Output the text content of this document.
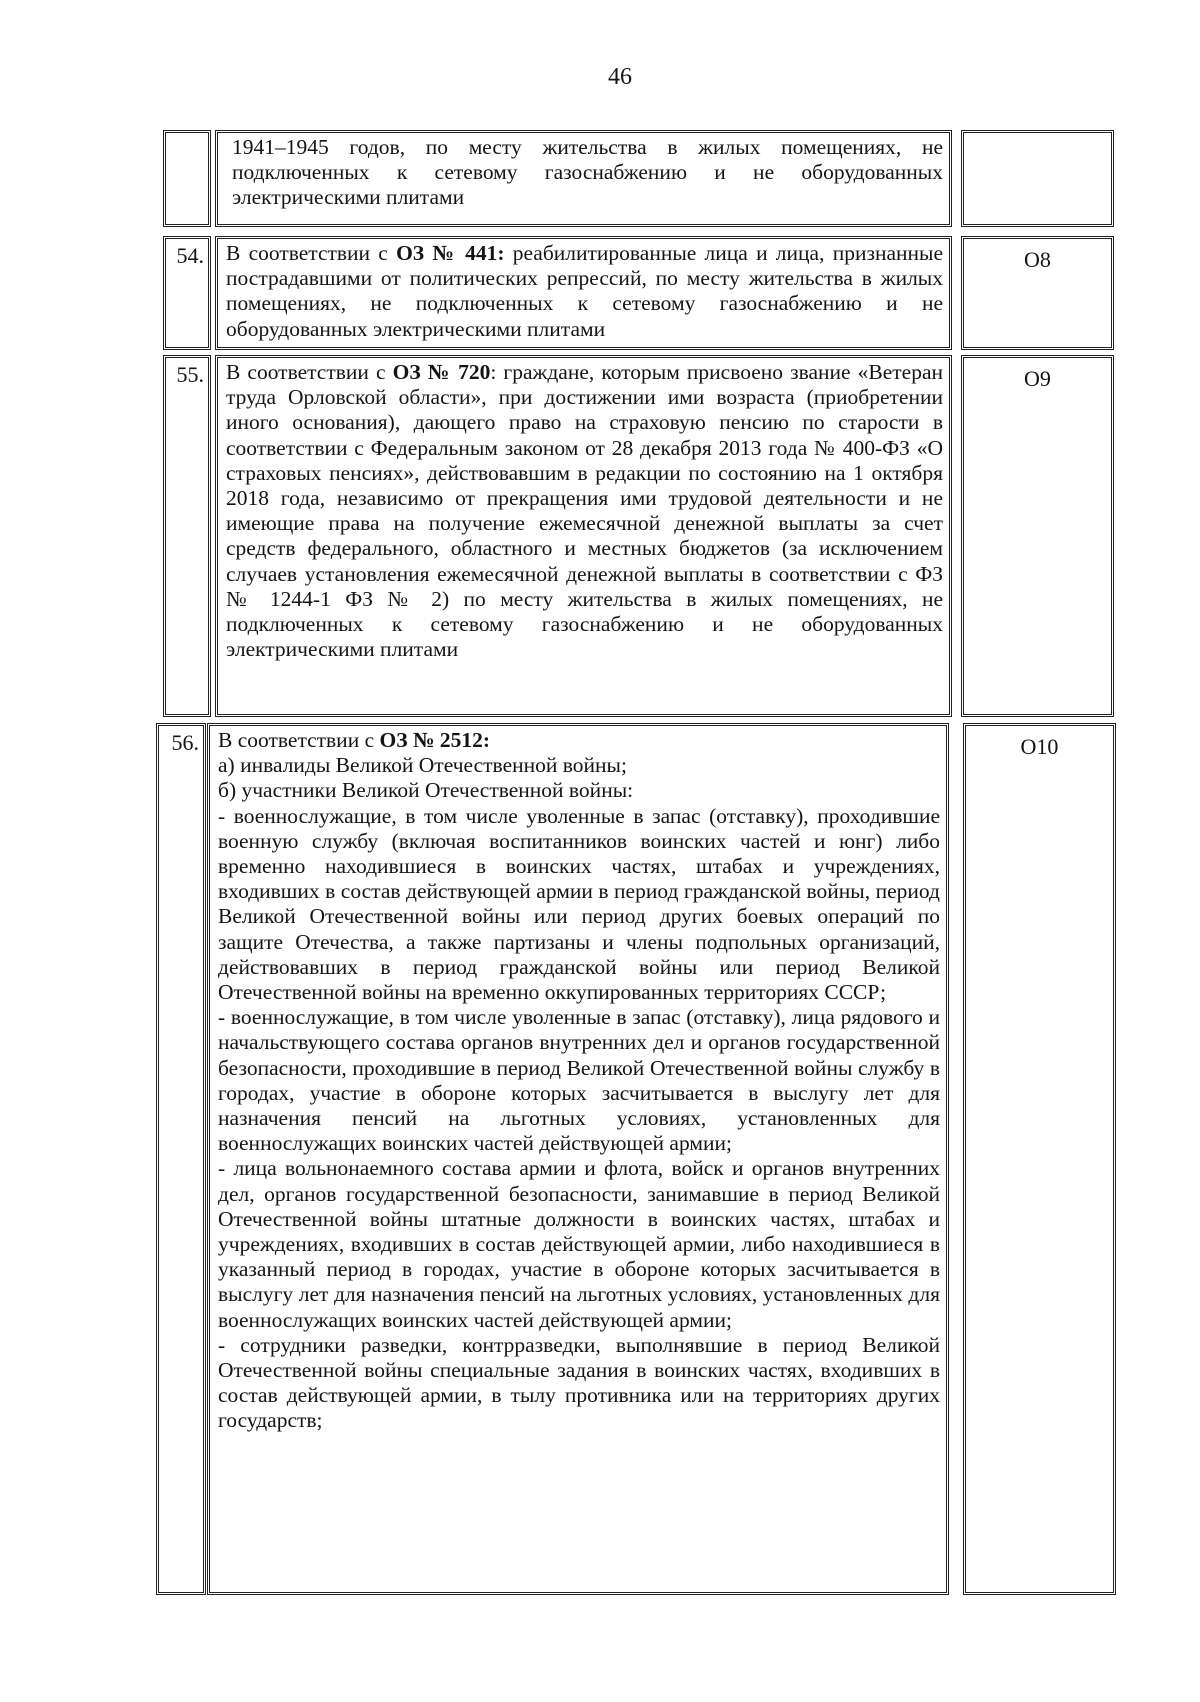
46

1941–1945 годов, по месту жительства в жилых помещениях, не подключенных к сетевому газоснабжению и не оборудованных электрическими плитами

54.	В соответствии с ОЗ № 441: реабилитированные лица и лица, признанные пострадавшими от политических репрессий, по месту жительства в жилых помещениях, не подключенных к сетевому газоснабжению и не оборудованных электрическими плитами

О8
55.	В соответствии с ОЗ № 720: граждане, которым присвоено звание «Ветеран труда Орловской области», при достижении ими возраста (приобретении иного основания), дающего право на страховую пенсию по старости в соответствии с Федеральным законом от 28 декабря 2013 года № 400-ФЗ «О страховых пенсиях», действовавшим в редакции по состоянию на 1 октября 2018 года, независимо от прекращения ими трудовой деятельности и не имеющие права на получение ежемесячной денежной выплаты за счет средств федерального, областного и местных бюджетов (за исключением случаев установления ежемесячной денежной выплаты в соответствии с ФЗ № 1244-1 ФЗ № 2) по месту жительства в жилых помещениях, не подключенных к сетевому газоснабжению и не оборудованных электрическими плитами

О9
56. В соответствии с ОЗ № 2512:

а) инвалиды Великой Отечественной войны;

б) участники Великой Отечественной войны:

- военнослужащие, в том числе уволенные в запас (отставку), проходившие военную службу (включая воспитанников воинских частей и юнг) либо временно находившиеся в воинских частях, штабах и учреждениях, входивших в состав действующей армии в период гражданской войны, период Великой Отечественной войны или период других боевых операций по защите Отечества, а также партизаны и члены подпольных организаций, действовавших в период гражданской войны или период Великой Отечественной войны на временно оккупированных территориях СССР;

- военнослужащие, в том числе уволенные в запас (отставку), лица рядового и начальствующего состава органов внутренних дел и органов государственной безопасности, проходившие в период Великой Отечественной войны службу в городах, участие в обороне которых засчитывается в выслугу лет для назначения пенсий на льготных условиях, установленных для военнослужащих воинских частей действующей армии;

- лица вольнонаемного состава армии и флота, войск и органов внутренних дел, органов государственной безопасности, занимавшие в период Великой Отечественной войны штатные должности в воинских частях, штабах и учреждениях, входивших в состав действующей армии, либо находившиеся в указанный период в городах, участие в обороне которых засчитывается в выслугу лет для назначения пенсий на льготных условиях, установленных для военнослужащих воинских частей действующей армии;

- сотрудники разведки, контрразведки, выполнявшие в период Великой Отечественной войны специальные задания в воинских частях, входивших в состав действующей армии, в тылу противника или на территориях других государств;

О10
